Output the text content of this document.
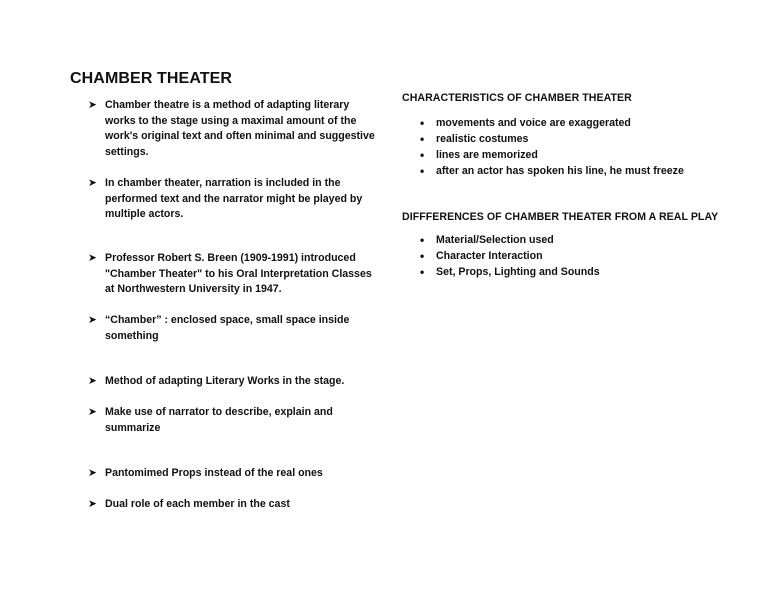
CHAMBER THEATER
➤ Chamber theatre is a method of adapting literary works to the stage using a maximal amount of the work's original text and often minimal and suggestive settings.
➤ In chamber theater, narration is included in the performed text and the narrator might be played by multiple actors.
➤ Professor Robert S. Breen (1909-1991) introduced "Chamber Theater" to his Oral Interpretation Classes at Northwestern University in 1947.
➤ “Chamber” : enclosed space, small space inside something
➤ Method of adapting Literary Works in the stage.
➤ Make use of narrator to describe, explain and summarize
➤ Pantomimed Props instead of the real ones
➤ Dual role of each member in the cast
CHARACTERISTICS OF CHAMBER THEATER
• movements and voice are exaggerated
• realistic costumes
• lines are memorized
• after an actor has spoken his line, he must freeze
DIFFFERENCES OF CHAMBER THEATER FROM A REAL PLAY
• Material/Selection used
• Character Interaction
• Set, Props, Lighting and Sounds
